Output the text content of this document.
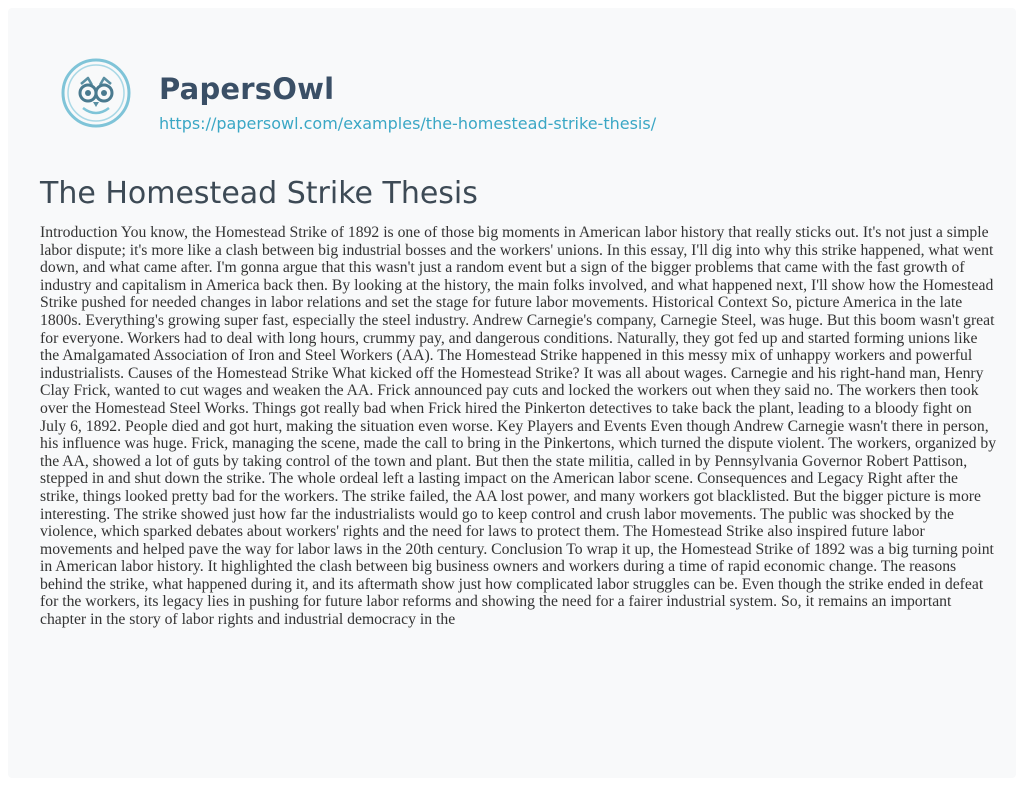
PapersOwl
https://papersowl.com/examples/the-homestead-strike-thesis/
The Homestead Strike Thesis

Introduction You know, the Homestead Strike of 1892 is one of those big moments in American labor history that really sticks out. It's not just a simple labor dispute; it's more like a clash between big industrial bosses and the workers' unions. In this essay, I'll dig into why this strike happened, what went down, and what came after. I'm gonna argue that this wasn't just a random event but a sign of the bigger problems that came with the fast growth of industry and capitalism in America back then. By looking at the history, the main folks involved, and what happened next, I'll show how the Homestead Strike pushed for needed changes in labor relations and set the stage for future labor movements. Historical Context So, picture America in the late 1800s. Everything's growing super fast, especially the steel industry. Andrew Carnegie's company, Carnegie Steel, was huge. But this boom wasn't great for everyone. Workers had to deal with long hours, crummy pay, and dangerous conditions. Naturally, they got fed up and started forming unions like the Amalgamated Association of Iron and Steel Workers (AA). The Homestead Strike happened in this messy mix of unhappy workers and powerful industrialists. Causes of the Homestead Strike What kicked off the Homestead Strike? It was all about wages. Carnegie and his right-hand man, Henry Clay Frick, wanted to cut wages and weaken the AA. Frick announced pay cuts and locked the workers out when they said no. The workers then took over the Homestead Steel Works. Things got really bad when Frick hired the Pinkerton detectives to take back the plant, leading to a bloody fight on July 6, 1892. People died and got hurt, making the situation even worse. Key Players and Events Even though Andrew Carnegie wasn't there in person, his influence was huge. Frick, managing the scene, made the call to bring in the Pinkertons, which turned the dispute violent. The workers, organized by the AA, showed a lot of guts by taking control of the town and plant. But then the state militia, called in by Pennsylvania Governor Robert Pattison, stepped in and shut down the strike. The whole ordeal left a lasting impact on the American labor scene. Consequences and Legacy Right after the strike, things looked pretty bad for the workers. The strike failed, the AA lost power, and many workers got blacklisted. But the bigger picture is more interesting. The strike showed just how far the industrialists would go to keep control and crush labor movements. The public was shocked by the violence, which sparked debates about workers' rights and the need for laws to protect them. The Homestead Strike also inspired future labor movements and helped pave the way for labor laws in the 20th century. Conclusion To wrap it up, the Homestead Strike of 1892 was a big turning point in American labor history. It highlighted the clash between big business owners and workers during a time of rapid economic change. The reasons behind the strike, what happened during it, and its aftermath show just how complicated labor struggles can be. Even though the strike ended in defeat for the workers, its legacy lies in pushing for future labor reforms and showing the need for a fairer industrial system. So, it remains an important chapter in the story of labor rights and industrial democracy in the
